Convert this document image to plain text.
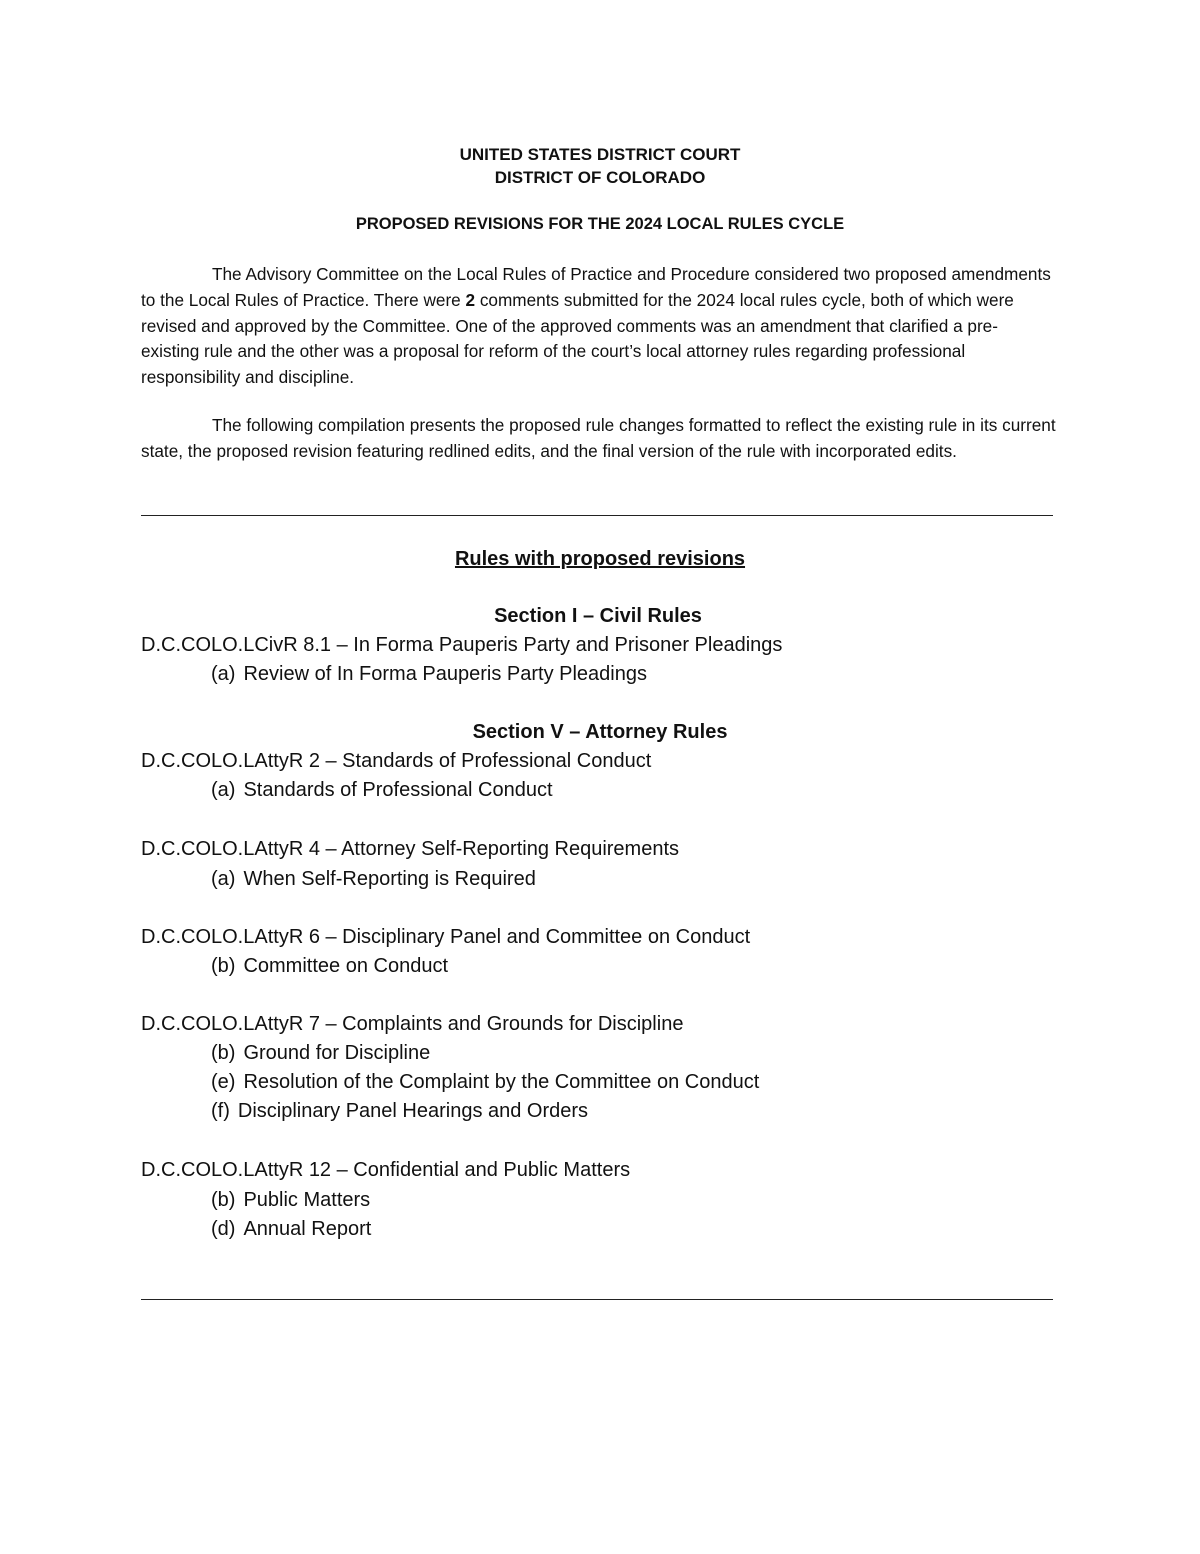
UNITED STATES DISTRICT COURT
DISTRICT OF COLORADO
PROPOSED REVISIONS FOR THE 2024 LOCAL RULES CYCLE

The Advisory Committee on the Local Rules of Practice and Procedure considered two proposed amendments to the Local Rules of Practice. There were 2 comments submitted for the 2024 local rules cycle, both of which were revised and approved by the Committee. One of the approved comments was an amendment that clarified a pre-existing rule and the other was a proposal for reform of the court’s local attorney rules regarding professional responsibility and discipline.

The following compilation presents the proposed rule changes formatted to reflect the existing rule in its current state, the proposed revision featuring redlined edits, and the final version of the rule with incorporated edits.

Rules with proposed revisions
Section I – Civil Rules
D.C.COLO.LCivR 8.1 – In Forma Pauperis Party and Prisoner Pleadings
(a) Review of In Forma Pauperis Party Pleadings
Section V – Attorney Rules
D.C.COLO.LAttyR 2 – Standards of Professional Conduct
(a) Standards of Professional Conduct
D.C.COLO.LAttyR 4 – Attorney Self-Reporting Requirements
(a) When Self-Reporting is Required
D.C.COLO.LAttyR 6 – Disciplinary Panel and Committee on Conduct
(b) Committee on Conduct
D.C.COLO.LAttyR 7 – Complaints and Grounds for Discipline
(b) Ground for Discipline
(e) Resolution of the Complaint by the Committee on Conduct
(f) Disciplinary Panel Hearings and Orders
D.C.COLO.LAttyR 12 – Confidential and Public Matters
(b) Public Matters
(d) Annual Report
